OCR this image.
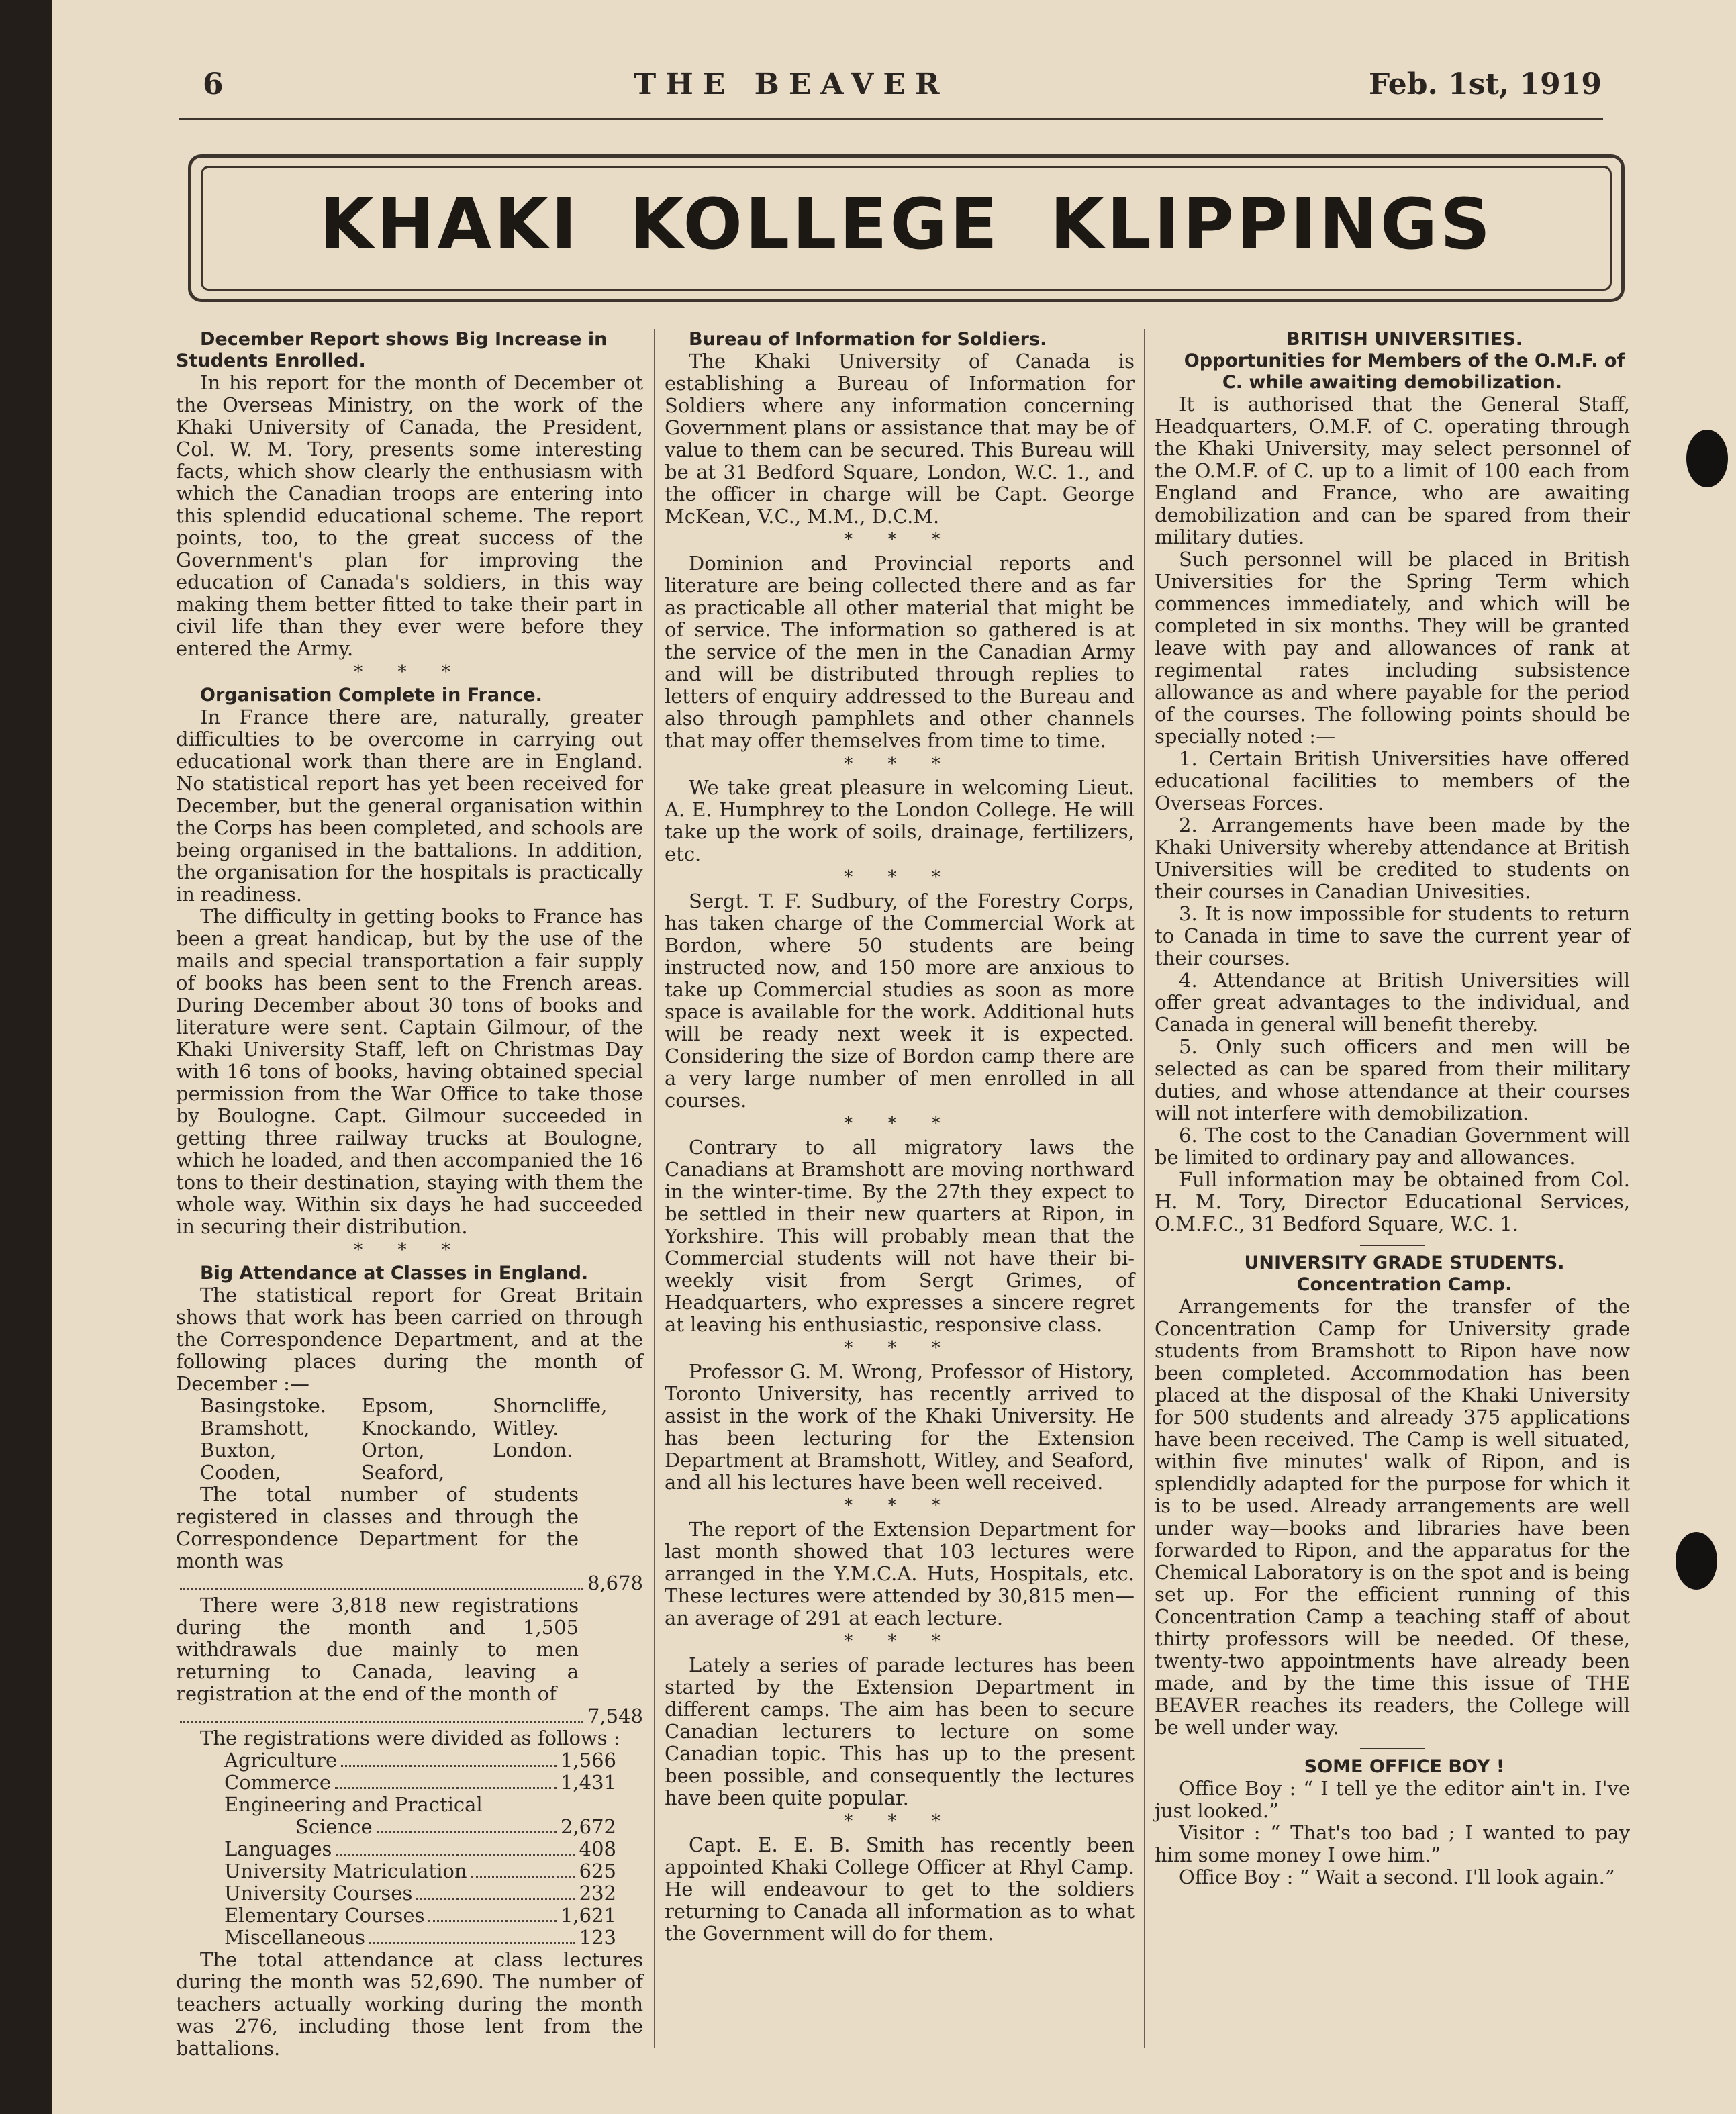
6	THE BEAVER	Feb. 1st, 1919
KHAKI KOLLEGE KLIPPINGS

December Report shows Big Increase in Students Enrolled.

In his report for the month of December ot the Overseas Ministry, on the work of the Khaki University of Canada, the President, Col. W. M. Tory, presents some interesting facts, which show clearly the enthusiasm with which the Canadian troops are entering into this splendid educational scheme. The report points, too, to the great success of the Government's plan for improving the education of Canada's soldiers, in this way making them better fitted to take their part in civil life than they ever were before they entered the Army.

* * *

Organisation Complete in France.

In France there are, naturally, greater difficulties to be overcome in carrying out educational work than there are in England. No statistical report has yet been received for December, but the general organisation within the Corps has been completed, and schools are being organised in the battalions. In addition, the organisation for the hospitals is practically in readiness.

The difficulty in getting books to France has been a great handicap, but by the use of the mails and special transportation a fair supply of books has been sent to the French areas. During December about 30 tons of books and literature were sent. Captain Gilmour, of the Khaki University Staff, left on Christmas Day with 16 tons of books, having obtained special permission from the War Office to take those by Boulogne. Capt. Gilmour succeeded in getting three railway trucks at Boulogne, which he loaded, and then accompanied the 16 tons to their destination, staying with them the whole way. Within six days he had succeeded in securing their distribution.

* * *

Big Attendance at Classes in England.

The statistical report for Great Britain shows that work has been carried on through the Correspondence Department, and at the following places during the month of December :—

Basingstoke.	Epsom,	Shorncliffe,
Bramshott,	Knockando, Witley.
Buxton,	Orton,	London.
Cooden,	Seaford,

The total number of students registered in classes and through the Correspondence Department for the month was

8,678

There were 3,818 new registrations during the month and 1,505 withdrawals due mainly to men returning to Canada, leaving a registration at the end of the month of

7,548

The registrations were divided as follows :

Agriculture	1,566
Commerce	1,431
Engineering and Practical
Science	2,672
Languages	408
University Matriculation	625
University Courses	232
Elementary Courses	1,621
Miscellaneous	123

The total attendance at class lectures during the month was 52,690. The number of teachers actually working during the month was 276, including those lent from the battalions.

Bureau of Information for Soldiers.

The Khaki University of Canada is establishing a Bureau of Information for Soldiers where any information concerning Government plans or assistance that may be of value to them can be secured. This Bureau will be at 31 Bedford Square, London, W.C. 1., and the officer in charge will be Capt. George McKean, V.C., M.M., D.C.M.

* * *

Dominion and Provincial reports and literature are being collected there and as far as practicable all other material that might be of service. The information so gathered is at the service of the men in the Canadian Army and will be distributed through replies to letters of enquiry addressed to the Bureau and also through pamphlets and other channels that may offer themselves from time to time.

* * *

We take great pleasure in welcoming Lieut. A. E. Humphrey to the London College. He will take up the work of soils, drainage, fertilizers, etc.

* * *

Sergt. T. F. Sudbury, of the Forestry Corps, has taken charge of the Commercial Work at Bordon, where 50 students are being instructed now, and 150 more are anxious to take up Commercial studies as soon as more space is available for the work. Additional huts will be ready next week it is expected. Considering the size of Bordon camp there are a very large number of men enrolled in all courses.

* * *

Contrary to all migratory laws the Canadians at Bramshott are moving northward in the winter-time. By the 27th they expect to be settled in their new quarters at Ripon, in Yorkshire. This will probably mean that the Commercial students will not have their bi-weekly visit from Sergt Grimes, of Headquarters, who expresses a sincere regret at leaving his enthusiastic, responsive class.

* * *

Professor G. M. Wrong, Professor of History, Toronto University, has recently arrived to assist in the work of the Khaki University. He has been lecturing for the Extension Department at Bramshott, Witley, and Seaford, and all his lectures have been well received.

* * *

The report of the Extension Department for last month showed that 103 lectures were arranged in the Y.M.C.A. Huts, Hospitals, etc. These lectures were attended by 30,815 men—an average of 291 at each lecture.

* * *

Lately a series of parade lectures has been started by the Extension Department in different camps. The aim has been to secure Canadian lecturers to lecture on some Canadian topic. This has up to the present been possible, and consequently the lectures have been quite popular.

* * *

Capt. E. E. B. Smith has recently been appointed Khaki College Officer at Rhyl Camp. He will endeavour to get to the soldiers returning to Canada all information as to what the Government will do for them.

BRITISH UNIVERSITIES.

Opportunities for Members of the O.M.F. of C. while awaiting demobilization.

It is authorised that the General Staff, Headquarters, O.M.F. of C. operating through the Khaki University, may select personnel of the O.M.F. of C. up to a limit of 100 each from England and France, who are awaiting demobilization and can be spared from their military duties.

Such personnel will be placed in British Universities for the Spring Term which commences immediately, and which will be completed in six months. They will be granted leave with pay and allowances of rank at regimental rates including subsistence allowance as and where payable for the period of the courses. The following points should be specially noted :—

1. Certain British Universities have offered educational facilities to members of the Overseas Forces.

2. Arrangements have been made by the Khaki University whereby attendance at British Universities will be credited to students on their courses in Canadian Univesities.

3. It is now impossible for students to return to Canada in time to save the current year of their courses.

4. Attendance at British Universities will offer great advantages to the individual, and Canada in general will benefit thereby.

5. Only such officers and men will be selected as can be spared from their military duties, and whose attendance at their courses will not interfere with demobilization.

6. The cost to the Canadian Government will be limited to ordinary pay and allowances.

Full information may be obtained from Col. H. M. Tory, Director Educational Services, O.M.F.C., 31 Bedford Square, W.C. 1.

UNIVERSITY GRADE STUDENTS.

Concentration Camp.

Arrangements for the transfer of the Concentration Camp for University grade students from Bramshott to Ripon have now been completed. Accommodation has been placed at the disposal of the Khaki University for 500 students and already 375 applications have been received. The Camp is well situated, within five minutes' walk of Ripon, and is splendidly adapted for the purpose for which it is to be used. Already arrangements are well under way—books and libraries have been forwarded to Ripon, and the apparatus for the Chemical Laboratory is on the spot and is being set up. For the efficient running of this Concentration Camp a teaching staff of about thirty professors will be needed. Of these, twenty-two appointments have already been made, and by the time this issue of THE BEAVER reaches its readers, the College will be well under way.

SOME OFFICE BOY !

Office Boy : “ I tell ye the editor ain't in. I've just looked.”

Visitor : “ That's too bad ; I wanted to pay him some money I owe him.”

Office Boy : “ Wait a second. I'll look again.”
